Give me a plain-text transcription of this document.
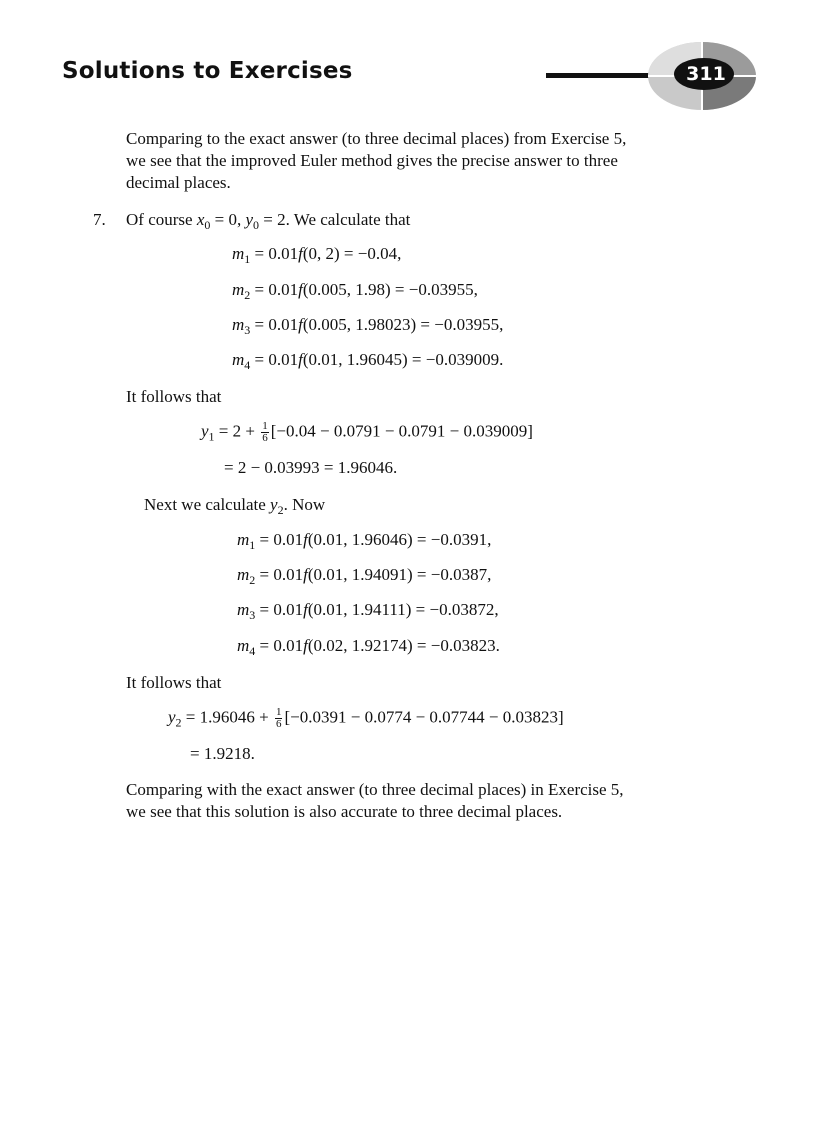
Solutions to Exercises	311
Comparing to the exact answer (to three decimal places) from Exercise 5,
we see that the improved Euler method gives the precise answer to three
decimal places.
7. Of course $x_0 = 0$, $y_0 = 2$. We calculate that
$m_1 = 0.01f(0$, 2) = −0.04,
$m_2 = 0.01f(0.005$, 1.98) = −0.03955,
$m_3 = 0.01f(0.005$, 1.98023) = −0.03955,
$m_4 = 0.01f(0.01$, 1.96045) = −0.039009.
It follows that
$y_1 = 2 + \frac{1}{6} [-0.04 - 0.0791 - 0.0791 - 0.039009]$
= 2 − 0.03993 = 1.96046.
Next we calculate $y_2$. Now
$m_1 = 0.01f(0.01$, 1.96046) = −0.0391,
$m_2 = 0.01f(0.01$, 1.94091) = −0.0387,
$m_3 = 0.01f(0.01$, 1.94111) = −0.03872,
$m_4 = 0.01f(0.02$, 1.92174) = −0.03823.
It follows that
$y_2 = 1.96046 + \frac{1}{6} [-0.0391 - 0.0774 - 0.07744 - 0.03823]$
= 1.9218.
Comparing with the exact answer (to three decimal places) in Exercise 5,
we see that this solution is also accurate to three decimal places.
